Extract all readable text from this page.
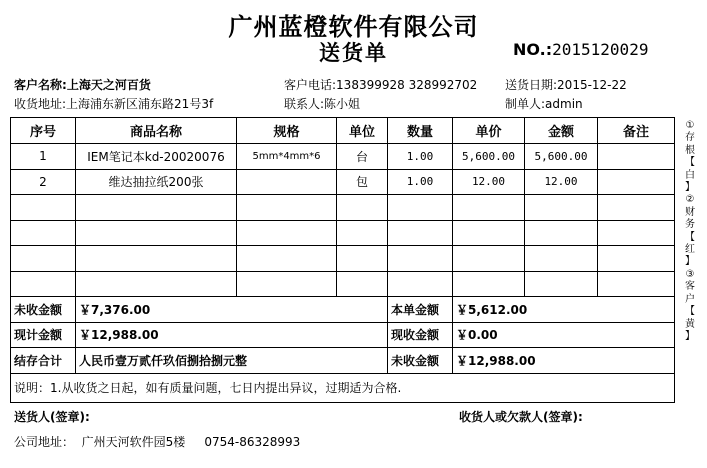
广州蓝橙软件有限公司
送货单	NO.:2015120029
客户名称:上海天之河百货	客户电话:138399928 328992702 送货日期:2015-12-22
收货地址:上海浦东新区浦东路21号3f	联系人:陈小姐	制单人:admin
序号	商品名称	规格	单位	数量	单价	金额	备注
1	IEM笔记本kd-20020076	5mm*4mm*6	台	1.00	5,600.00	5,600.00	
2	维达抽拉纸200张		包	1.00	12.00	12.00	

未收金额	￥7,376.00			本单金额	￥5,612.00		
现计金额	￥12,988.00			现收金额	￥0.00		
结存合计	人民币壹万贰仟玖佰捌拾捌元整			未收金额	￥12,988.00		
说明：1.从收货之日起，如有质量问题，七日内提出异议，过期适为合格.							
①
存
根
【
白
】
②
财
务
【
红
】
③
客
户
【
黄
】
送货人(签章):	收货人或欠款人(签章):
公司地址：  广州天河软件园5楼     0754-86328993
